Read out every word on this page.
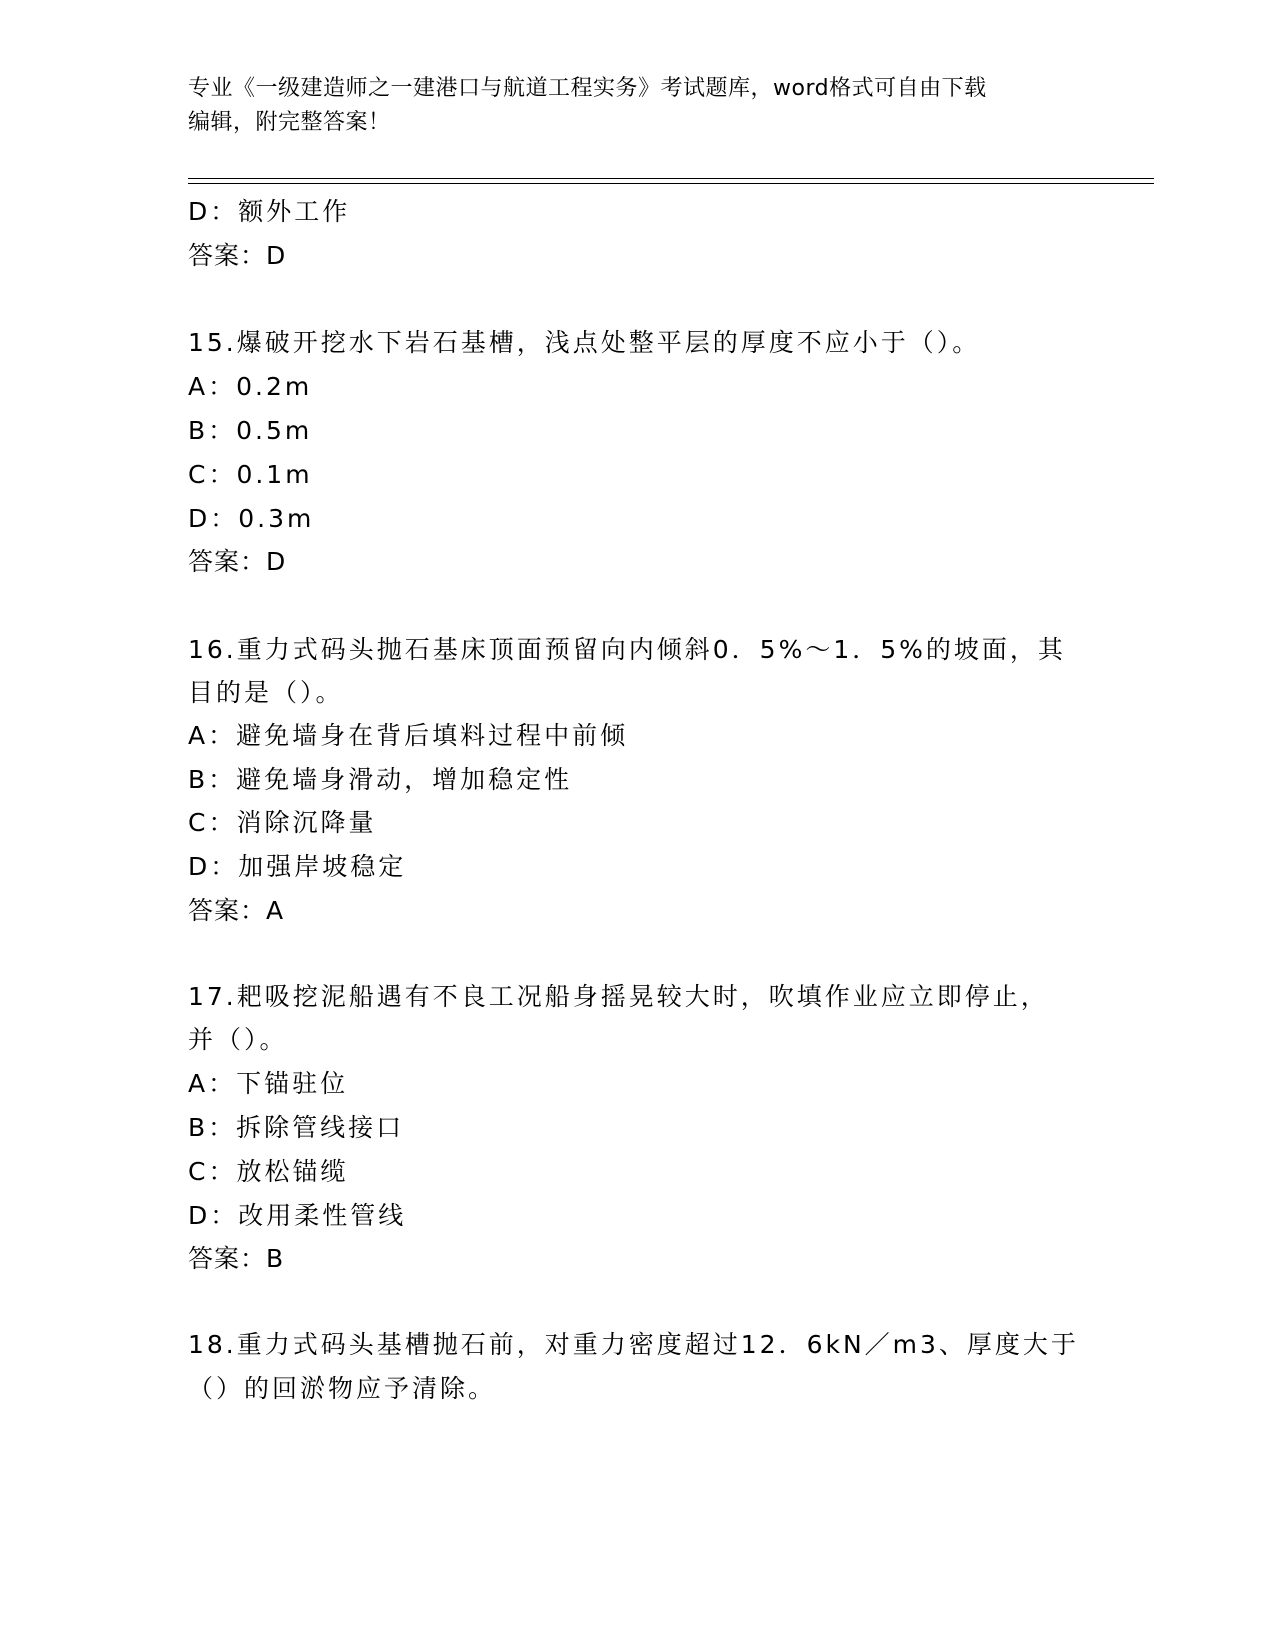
专业《一级建造师之一建港口与航道工程实务》考试题库，word格式可自由下载
编辑，附完整答案！
D：额外工作
答案：D
15.爆破开挖水下岩石基槽，浅点处整平层的厚度不应小于（）。
A：0.2m
B：0.5m
C：0.1m
D：0.3m
答案：D
16.重力式码头抛石基床顶面预留向内倾斜0．5%～1．5%的坡面，其
目的是（）。
A：避免墙身在背后填料过程中前倾
B：避免墙身滑动，增加稳定性
C：消除沉降量
D：加强岸坡稳定
答案：A
17.耙吸挖泥船遇有不良工况船身摇晃较大时，吹填作业应立即停止，
并（）。
A：下锚驻位
B：拆除管线接口
C：放松锚缆
D：改用柔性管线
答案：B
18.重力式码头基槽抛石前，对重力密度超过12．6kN／m3、厚度大于
（）的回淤物应予清除。
